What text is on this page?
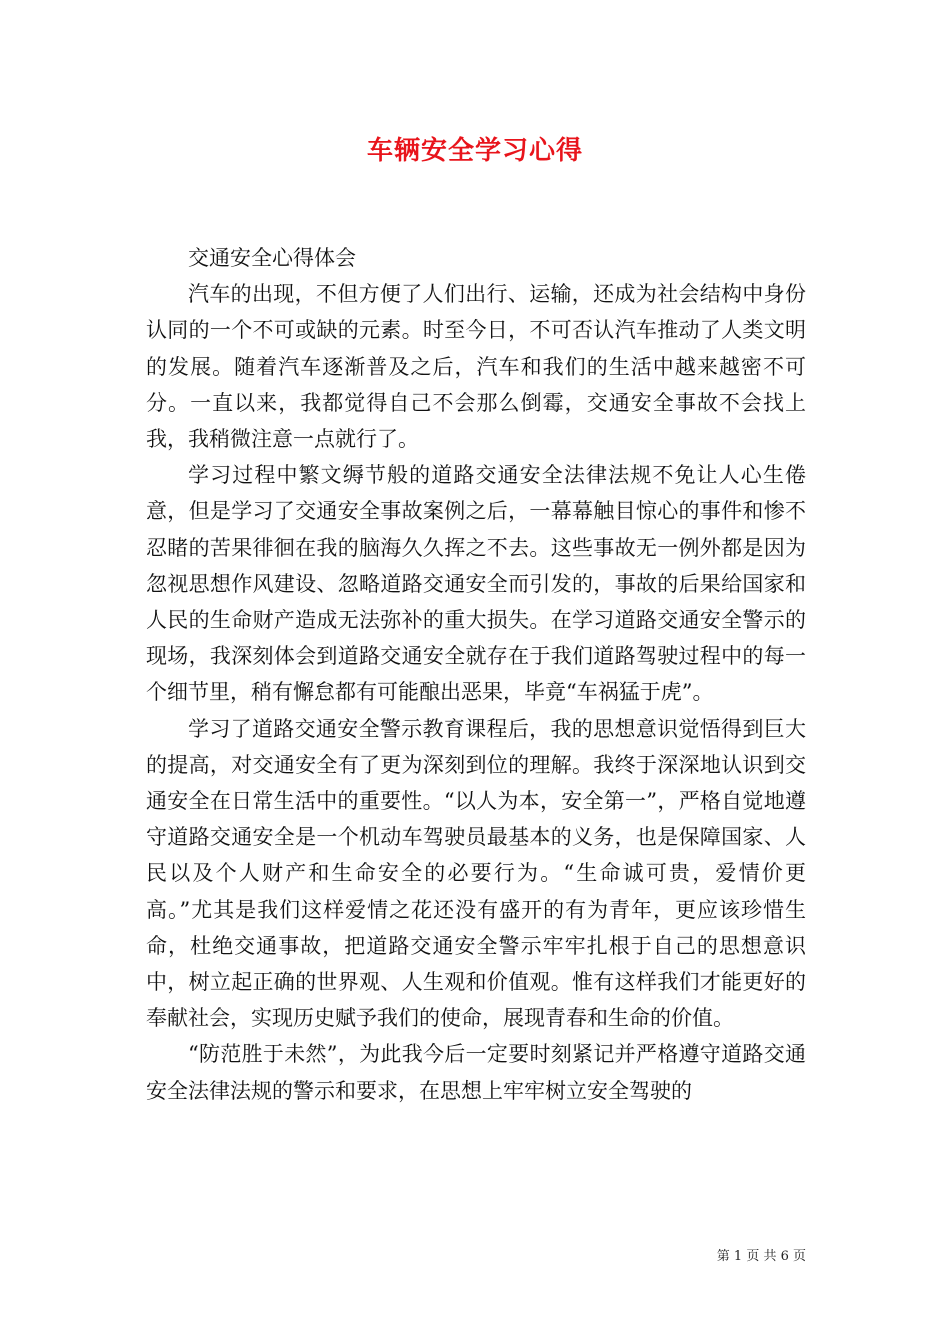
车辆安全学习心得

交通安全心得体会

汽车的出现，不但方便了人们出行、运输，还成为社会结构中身份认同的一个不可或缺的元素。时至今日，不可否认汽车推动了人类文明的发展。随着汽车逐渐普及之后，汽车和我们的生活中越来越密不可分。一直以来，我都觉得自己不会那么倒霉，交通安全事故不会找上我，我稍微注意一点就行了。

学习过程中繁文缛节般的道路交通安全法律法规不免让人心生倦意，但是学习了交通安全事故案例之后，一幕幕触目惊心的事件和惨不忍睹的苦果徘徊在我的脑海久久挥之不去。这些事故无一例外都是因为忽视思想作风建设、忽略道路交通安全而引发的，事故的后果给国家和人民的生命财产造成无法弥补的重大损失。在学习道路交通安全警示的现场，我深刻体会到道路交通安全就存在于我们道路驾驶过程中的每一个细节里，稍有懈怠都有可能酿出恶果，毕竟“车祸猛于虎”。

学习了道路交通安全警示教育课程后，我的思想意识觉悟得到巨大的提高，对交通安全有了更为深刻到位的理解。我终于深深地认识到交通安全在日常生活中的重要性。“以人为本，安全第一”，严格自觉地遵守道路交通安全是一个机动车驾驶员最基本的义务，也是保障国家、人民以及个人财产和生命安全的必要行为。“生命诚可贵，爱情价更高。”尤其是我们这样爱情之花还没有盛开的有为青年，更应该珍惜生命，杜绝交通事故，把道路交通安全警示牢牢扎根于自己的思想意识中，树立起正确的世界观、人生观和价值观。惟有这样我们才能更好的奉献社会，实现历史赋予我们的使命，展现青春和生命的价值。

“防范胜于未然”，为此我今后一定要时刻紧记并严格遵守道路交通安全法律法规的警示和要求，在思想上牢牢树立安全驾驶的

第 1 页 共 6 页
